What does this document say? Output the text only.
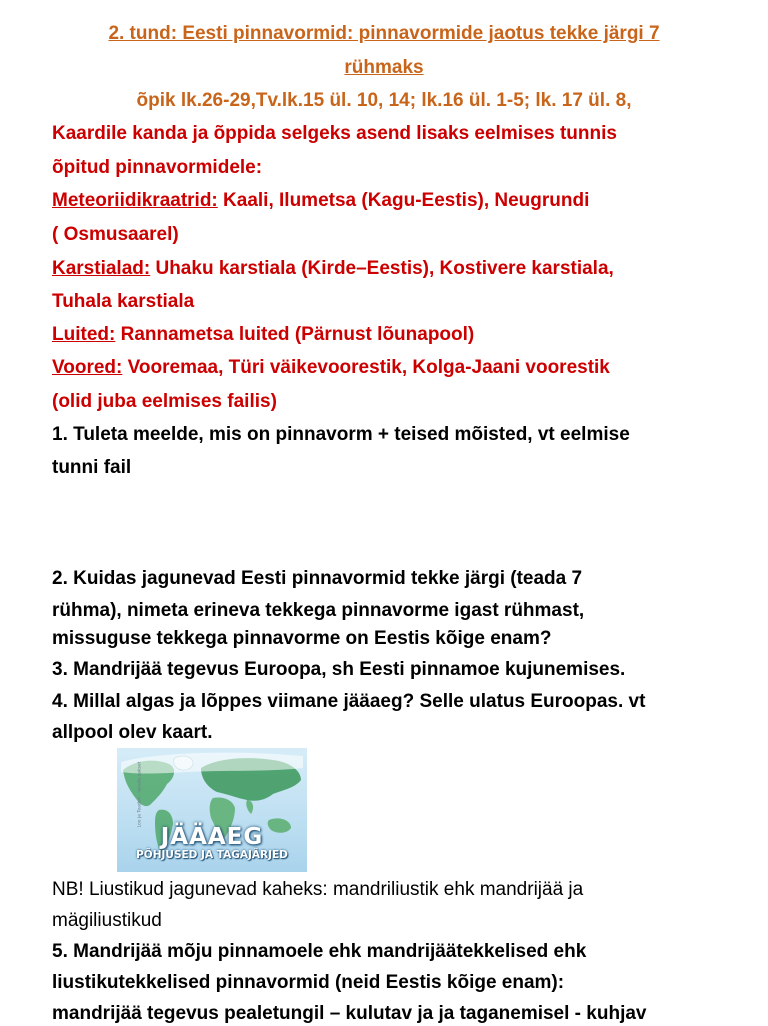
2. tund: Eesti pinnavormid: pinnavormide jaotus tekke järgi 7
rühmaks
õpik lk.26-29,Tv.lk.15 ül. 10, 14; lk.16 ül. 1-5; lk. 17 ül. 8,
Kaardile kanda ja õppida selgeks asend lisaks eelmises tunnis
õpitud pinnavormidele:
Meteoriidikraatrid: Kaali, Ilumetsa (Kagu-Eestis), Neugrundi
( Osmusaarel)
Karstialad: Uhaku karstiala (Kirde–Eestis), Kostivere karstiala,
Tuhala karstiala
Luited: Rannametsa luited (Pärnust lõunapool)
Voored: Vooremaa, Türi väikevoorestik, Kolga-Jaani voorestik
(olid juba eelmises failis)
1. Tuleta meelde, mis on pinnavorm + teised mõisted, vt eelmise
tunni fail
2. Kuidas jagunevad Eesti pinnavormid tekke järgi (teada 7
rühma), nimeta erineva tekkega pinnavorme igast rühmast,
missuguse tekkega pinnavorme on Eestis kõige enam?
3. Mandrijää tegevus Euroopa, sh Eesti pinnamoe kujunemises.
4. Millal algas ja lõppes viimane jääaeg? Selle ulatus Euroopas. vt
allpool olev kaart.
Loo ja Teadus - lakadu.sakset
JÄÄAEG
PÕHJUSED JA TAGAJÄRJED
NB! Liustikud jagunevad kaheks: mandriliustik ehk mandrijää ja
mägiliustikud
5. Mandrijää mõju pinnamoele ehk mandrijäätekkelised ehk
liustikutekkelised pinnavormid (neid Eestis kõige enam):
mandrijää tegevus pealetungil – kulutav ja ja taganemisel - kuhjav
